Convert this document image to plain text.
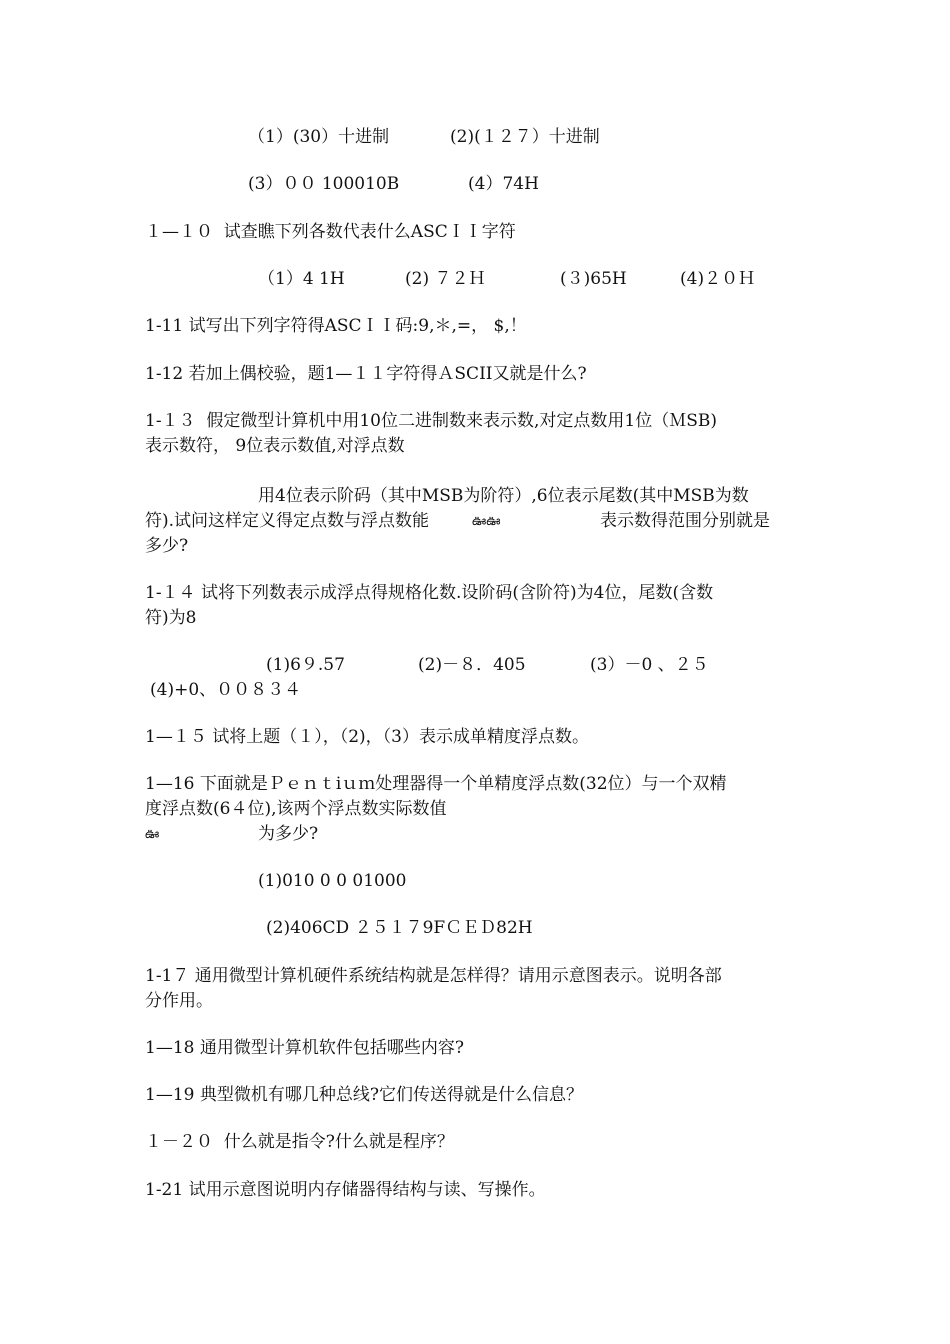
（1）(30）十进制	(2)(１２７）十进制
(3）００ 100010B	(4）74H
１—１０  试查瞧下列各数代表什么ASCＩＩ字符
（1）4 1H	(2) ７２Ｈ	(３)65H	(4)２０Ｈ
1-11 试写出下列字符得ASCＩＩ码:9,＊,=， $,！
1-12 若加上偶校验，题1—１１字符得ＡSCII又就是什么?
1-１３  假定微型计算机中用10位二进制数来表示数,对定点数用1位（ＭSB)
表示数符， 9位表示数值,对浮点数
用4位表示阶码（其中MSB为阶符）,6位表示尾数(其中MSB为数
符).试问这样定义得定点数与浮点数能	ఊఊ	表示数得范围分别就是
多少?
1-１４ 试将下列数表示成浮点得规格化数.设阶码(含阶符)为4位，尾数(含数
符)为8
(1)6９.57	(2)－８．405	(3）－0 、２５
(4)+0、００８３４
1—１５ 试将上题（１），（2)，（3）表示成单精度浮点数。
1—16 下面就是Ｐｅｎｔiｕｍ处理器得一个单精度浮点数(32位）与一个双精
度浮点数(6４位),该两个浮点数实际数值
ఊ	为多少?
(1)010 0 0 01000
(2)406CD ２５１７9FＣＥＤ82H
1-1７ 通用微型计算机硬件系统结构就是怎样得？请用示意图表示。说明各部
分作用。
1—18 通用微型计算机软件包括哪些内容?
1—19 典型微机有哪几种总线?它们传送得就是什么信息？
１－２０  什么就是指令?什么就是程序？
1-21 试用示意图说明内存储器得结构与读、写操作。
